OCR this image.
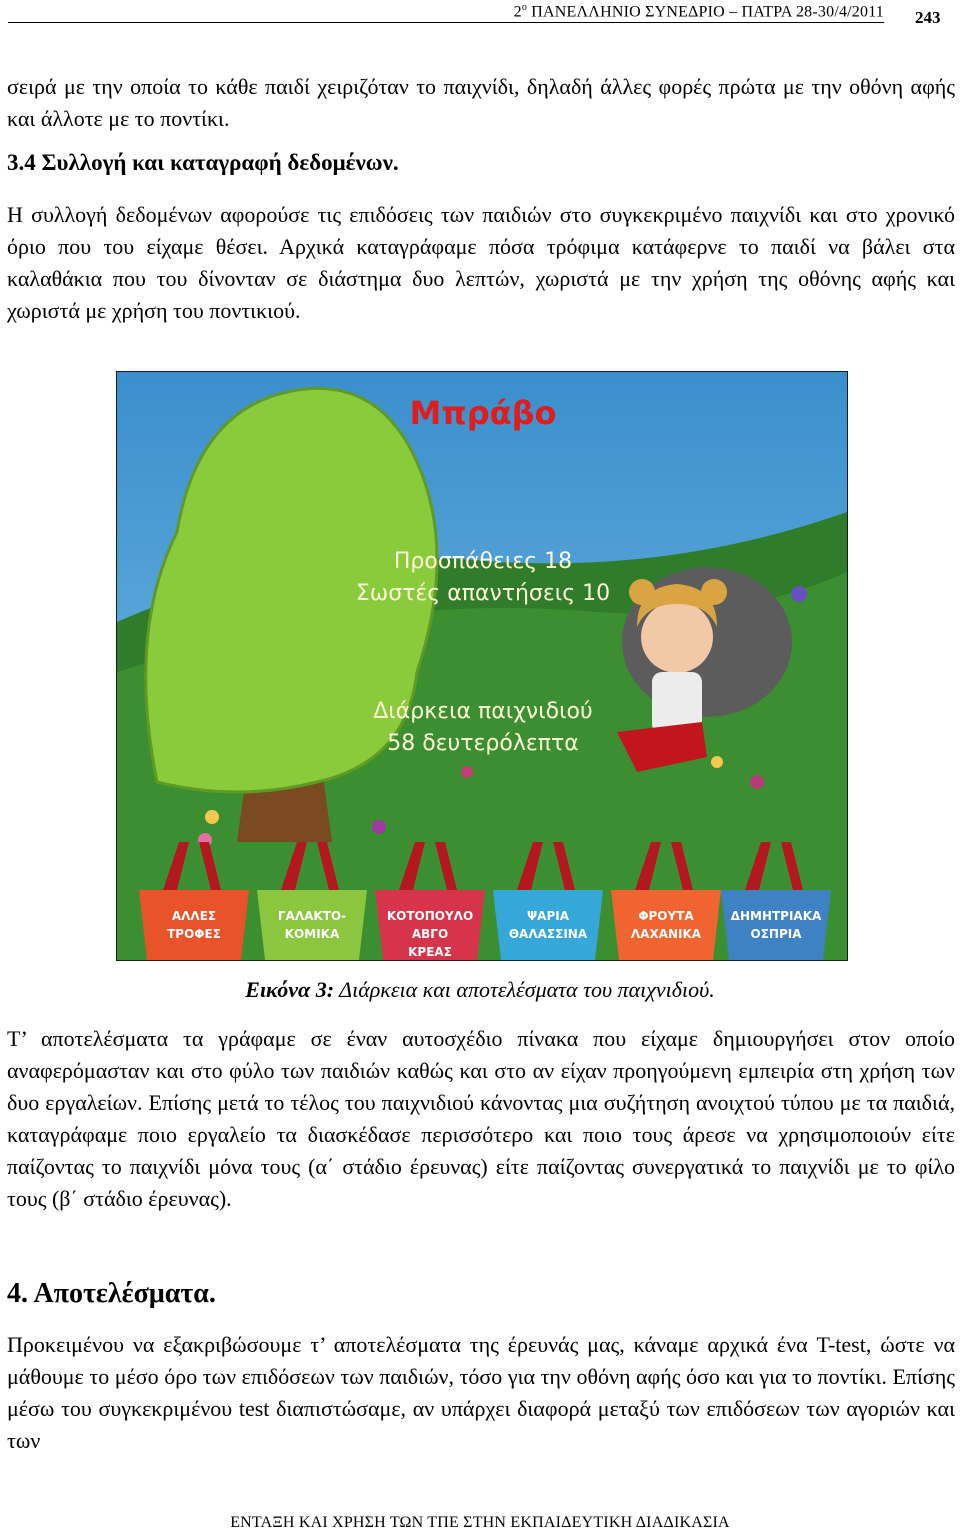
$2^o$ ΠΑΝΕΛΛΗΝΙΟ ΣΥΝΕΔΡΙΟ – ΠΑΤΡΑ 28-30/4/2011 243

σειρά με την οποία το κάθε παιδί χειριζόταν το παιχνίδι, δηλαδή άλλες φορές πρώτα με την οθόνη αφής και άλλοτε με το ποντίκι.

3.4 Συλλογή και καταγραφή δεδομένων.

Η συλλογή δεδομένων αφορούσε τις επιδόσεις των παιδιών στο συγκεκριμένο παιχνίδι και στο χρονικό όριο που του είχαμε θέσει. Αρχικά καταγράφαμε πόσα τρόφιμα κατάφερνε το παιδί να βάλει στα καλαθάκια που του δίνονταν σε διάστημα δυο λεπτών, χωριστά με την χρήση της οθόνης αφής και χωριστά με χρήση του ποντικιού.

Μπράβο
Προσπάθειες 18
Σωστές απαντήσεις 10
Διάρκεια παιχνιδιού
58 δευτερόλεπτα
ΑΛΛΕΣ
ΤΡΟΦΕΣ
ΓΑΛΑΚΤΟ-
ΚΟΜΙΚΑ
ΚΟΤΟΠΟΥΛΟ
ΑΒΓΟ
ΚΡΕΑΣ
ΨΑΡΙΑ
ΘΑΛΑΣΣΙΝΑ
ΦΡΟΥΤΑ
ΛΑΧΑΝΙΚΑ
ΔΗΜΗΤΡΙΑΚΑ
ΟΣΠΡΙΑ
Εικόνα 3: Διάρκεια και αποτελέσματα του παιχνιδιού.

Τ’ αποτελέσματα τα γράφαμε σε έναν αυτοσχέδιο πίνακα που είχαμε δημιουργήσει στον οποίο αναφερόμασταν και στο φύλο των παιδιών καθώς και στο αν είχαν προηγούμενη εμπειρία στη χρήση των δυο εργαλείων. Επίσης μετά το τέλος του παιχνιδιού κάνοντας μια συζήτηση ανοιχτού τύπου με τα παιδιά, καταγράφαμε ποιο εργαλείο τα διασκέδασε περισσότερο και ποιο τους άρεσε να χρησιμοποιούν είτε παίζοντας το παιχνίδι μόνα τους (α΄ στάδιο έρευνας) είτε παίζοντας συνεργατικά το παιχνίδι με το φίλο τους (β΄ στάδιο έρευνας).

4. Αποτελέσματα.

Προκειμένου να εξακριβώσουμε τ’ αποτελέσματα της έρευνάς μας, κάναμε αρχικά ένα T-test, ώστε να μάθουμε το μέσο όρο των επιδόσεων των παιδιών, τόσο για την οθόνη αφής όσο και για το ποντίκι. Επίσης μέσω του συγκεκριμένου test διαπιστώσαμε, αν υπάρχει διαφορά μεταξύ των επιδόσεων των αγοριών και των

ΕΝΤΑΞΗ ΚΑΙ ΧΡΗΣΗ ΤΩΝ ΤΠΕ ΣΤΗΝ ΕΚΠΑΙΔΕΥΤΙΚΗ ΔΙΑΔΙΚΑΣΙΑ
